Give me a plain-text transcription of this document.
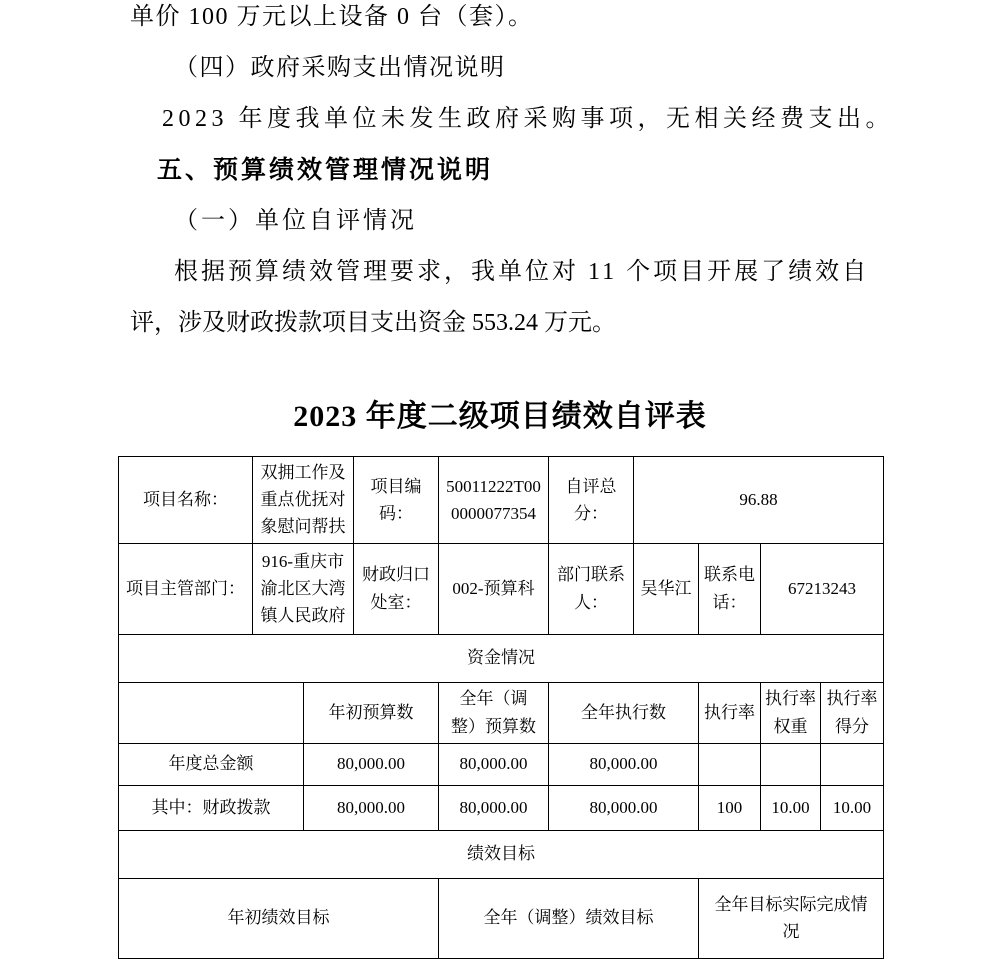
单价 100 万元以上设备 0 台（套）。
（四）政府采购支出情况说明
2023 年度我单位未发生政府采购事项，无相关经费支出。
五、预算绩效管理情况说明
（一）单位自评情况
根据预算绩效管理要求，我单位对 11 个项目开展了绩效自
评，涉及财政拨款项目支出资金 553.24 万元。
2023 年度二级项目绩效自评表
项目名称：	双拥工作及重点优抚对象慰问帮扶		项目编码：	50011222T000000077354	自评总分：	96.88			
项目主管部门：	916-重庆市渝北区大湾镇人民政府		财政归口处室：	002-预算科	部门联系人：	吴华江	联系电话：	67213243	
资金情况									
		年初预算数		全年（调整）预算数	全年执行数		执行率	执行率权重	执行率得分
年度总金额		80,000.00		80,000.00	80,000.00				
其中：财政拨款		80,000.00		80,000.00	80,000.00		100	10.00	10.00
绩效目标									
年初绩效目标				全年（调整）绩效目标			全年目标实际完成情况		
